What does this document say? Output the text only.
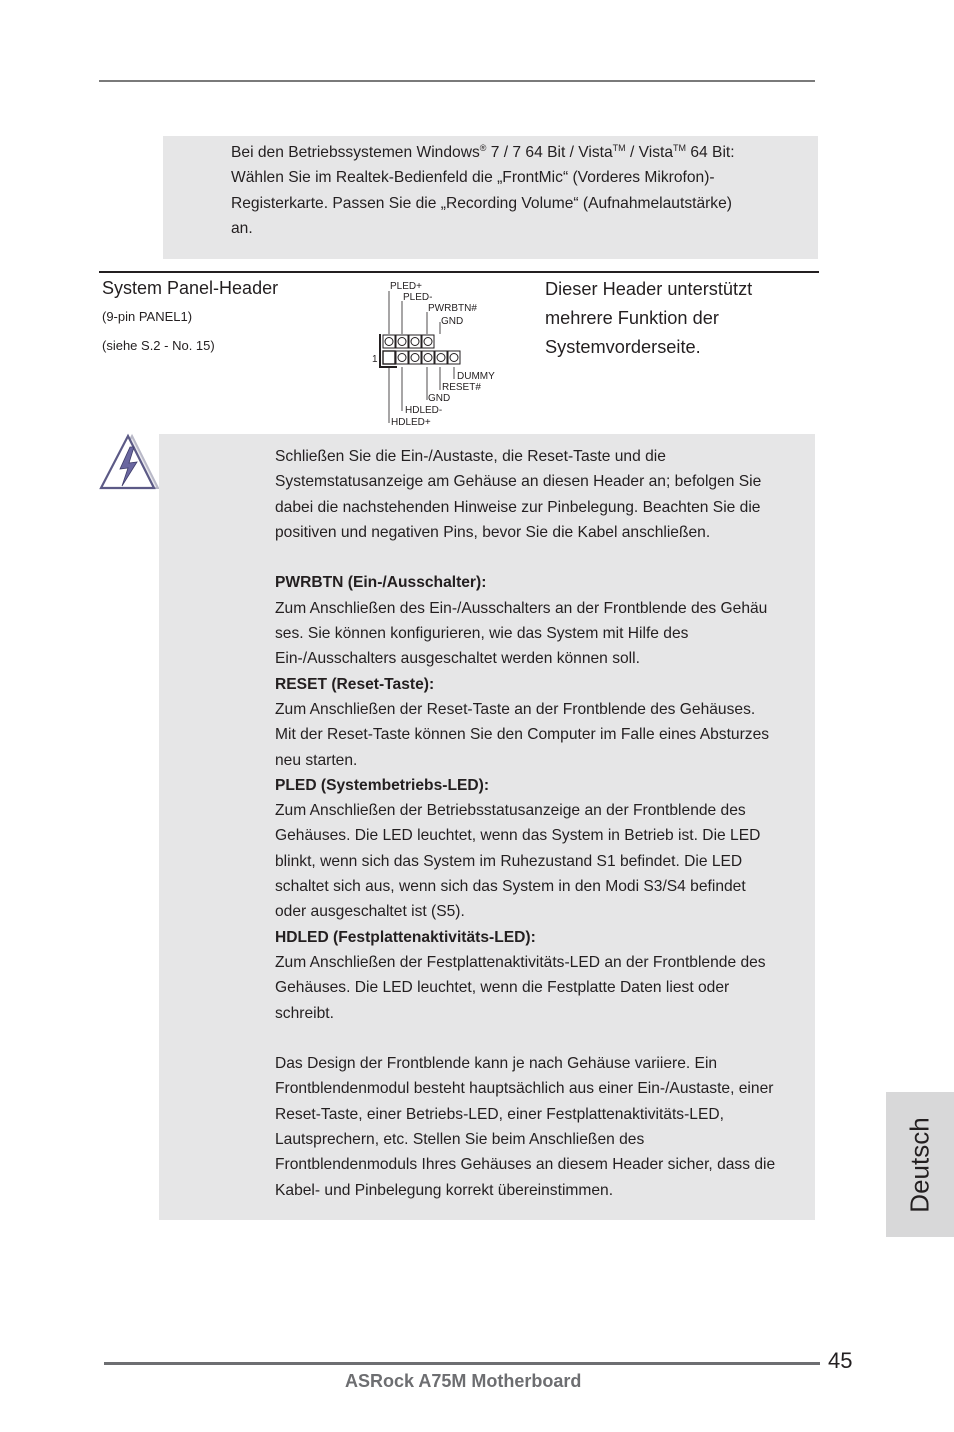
Bei den Betriebssystemen Windows® 7 / 7 64 Bit / Vista™ / Vista™ 64 Bit:
Wählen Sie im Realtek-Bedienfeld die „FrontMic“ (Vorderes Mikrofon)-
Registerkarte. Passen Sie die „Recording Volume“ (Aufnahmelautstärke)
an.
System Panel-Header
(9-pin PANEL1)
(siehe S.2 - No. 15)
Dieser Header unterstützt
mehrere Funktion der
Systemvorderseite.
1
PLED+
PLED-
PWRBTN#
GND
DUMMY
RESET#
GND
HDLED-
HDLED+

Schließen Sie die Ein-/Austaste, die Reset-Taste und die

Systemstatusanzeige am Gehäuse an diesen Header an; befolgen Sie

dabei die nachstehenden Hinweise zur Pinbelegung. Beachten Sie die

positiven und negativen Pins, bevor Sie die Kabel anschließen.

PWRBTN (Ein-/Ausschalter):

Zum Anschließen des Ein-/Ausschalters an der Frontblende des Gehäu

ses. Sie können konfigurieren, wie das System mit Hilfe des

Ein-/Ausschalters ausgeschaltet werden können soll.

RESET (Reset-Taste):

Zum Anschließen der Reset-Taste an der Frontblende des Gehäuses.

Mit der Reset-Taste können Sie den Computer im Falle eines Absturzes

neu starten.

PLED (Systembetriebs-LED):

Zum Anschließen der Betriebsstatusanzeige an der Frontblende des

Gehäuses. Die LED leuchtet, wenn das System in Betrieb ist. Die LED

blinkt, wenn sich das System im Ruhezustand S1 befindet. Die LED

schaltet sich aus, wenn sich das System in den Modi S3/S4 befindet

oder ausgeschaltet ist (S5).

HDLED (Festplattenaktivitäts-LED):

Zum Anschließen der Festplattenaktivitäts-LED an der Frontblende des

Gehäuses. Die LED leuchtet, wenn die Festplatte Daten liest oder

schreibt.

Das Design der Frontblende kann je nach Gehäuse variiere. Ein

Frontblendenmodul besteht hauptsächlich aus einer Ein-/Austaste, einer

Reset-Taste, einer Betriebs-LED, einer Festplattenaktivitäts-LED,

Lautsprechern, etc. Stellen Sie beim Anschließen des

Frontblendenmoduls Ihres Gehäuses an diesem Header sicher, dass die

Kabel- und Pinbelegung korrekt übereinstimmen.	Deutsch
45
ASRock A75M Motherboard
